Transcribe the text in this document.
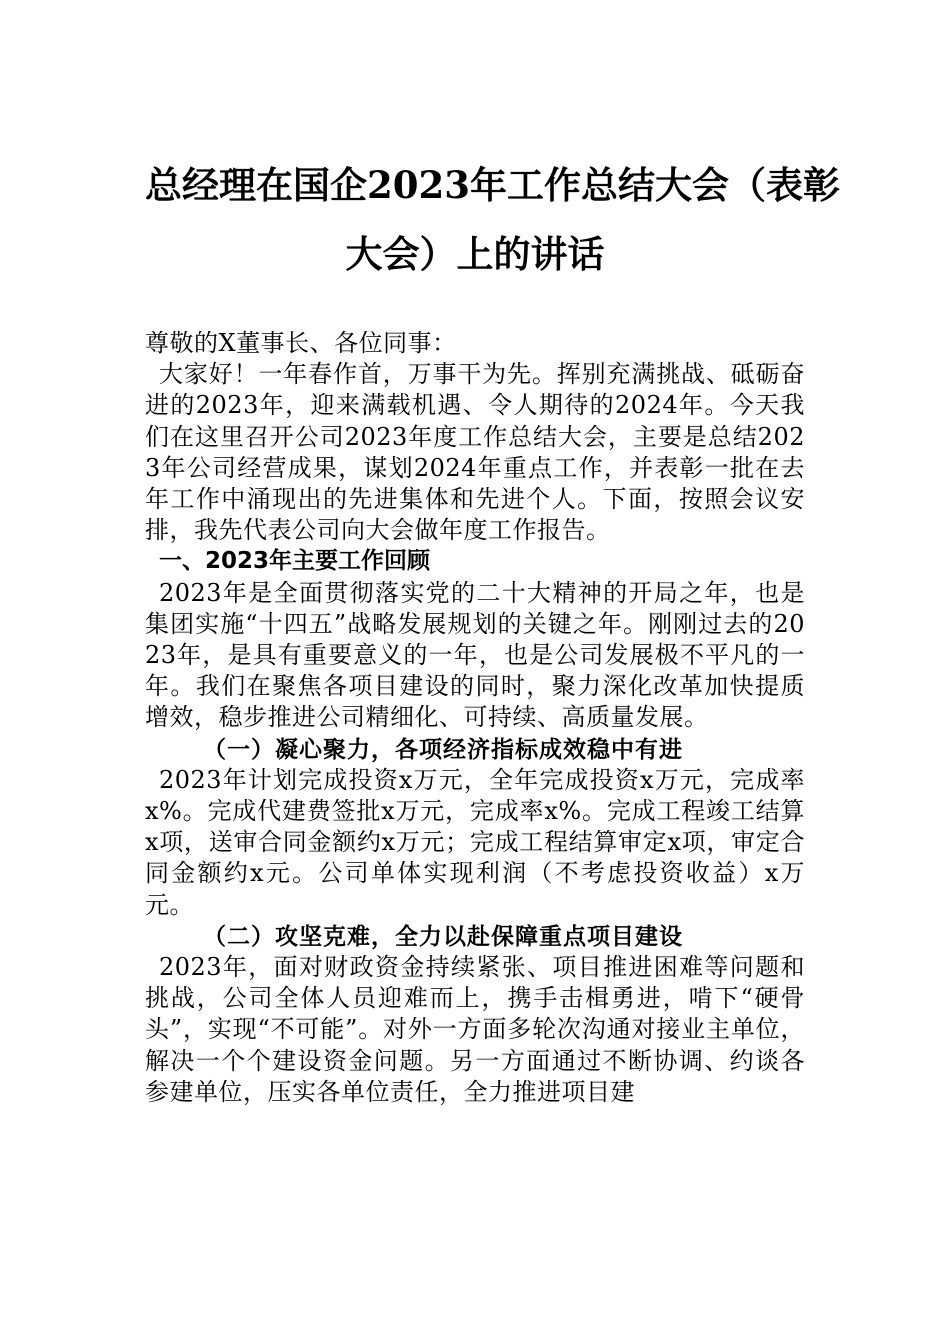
总经理在国企2023年工作总结大会（表彰
大会）上的讲话

尊敬的X董事长、各位同事：

大家好！一年春作首，万事干为先。挥别充满挑战、砥砺奋进的2023年，迎来满载机遇、令人期待的2024年。今天我们在这里召开公司2023年度工作总结大会，主要是总结2023年公司经营成果，谋划2024年重点工作，并表彰一批在去年工作中涌现出的先进集体和先进个人。下面，按照会议安排，我先代表公司向大会做年度工作报告。

一、2023年主要工作回顾

2023年是全面贯彻落实党的二十大精神的开局之年，也是集团实施“十四五”战略发展规划的关键之年。刚刚过去的2023年，是具有重要意义的一年，也是公司发展极不平凡的一年。我们在聚焦各项目建设的同时，聚力深化改革加快提质增效，稳步推进公司精细化、可持续、高质量发展。

（一）凝心聚力，各项经济指标成效稳中有进

2023年计划完成投资x万元，全年完成投资x万元，完成率x%。完成代建费签批x万元，完成率x%。完成工程竣工结算x项，送审合同金额约x万元；完成工程结算审定x项，审定合同金额约x元。公司单体实现利润（不考虑投资收益）x万元。

（二）攻坚克难，全力以赴保障重点项目建设

2023年，面对财政资金持续紧张、项目推进困难等问题和挑战，公司全体人员迎难而上，携手击楫勇进，啃下“硬骨头”，实现“不可能”。对外一方面多轮次沟通对接业主单位，解决一个个建设资金问题。另一方面通过不断协调、约谈各参建单位，压实各单位责任，全力推进项目建
